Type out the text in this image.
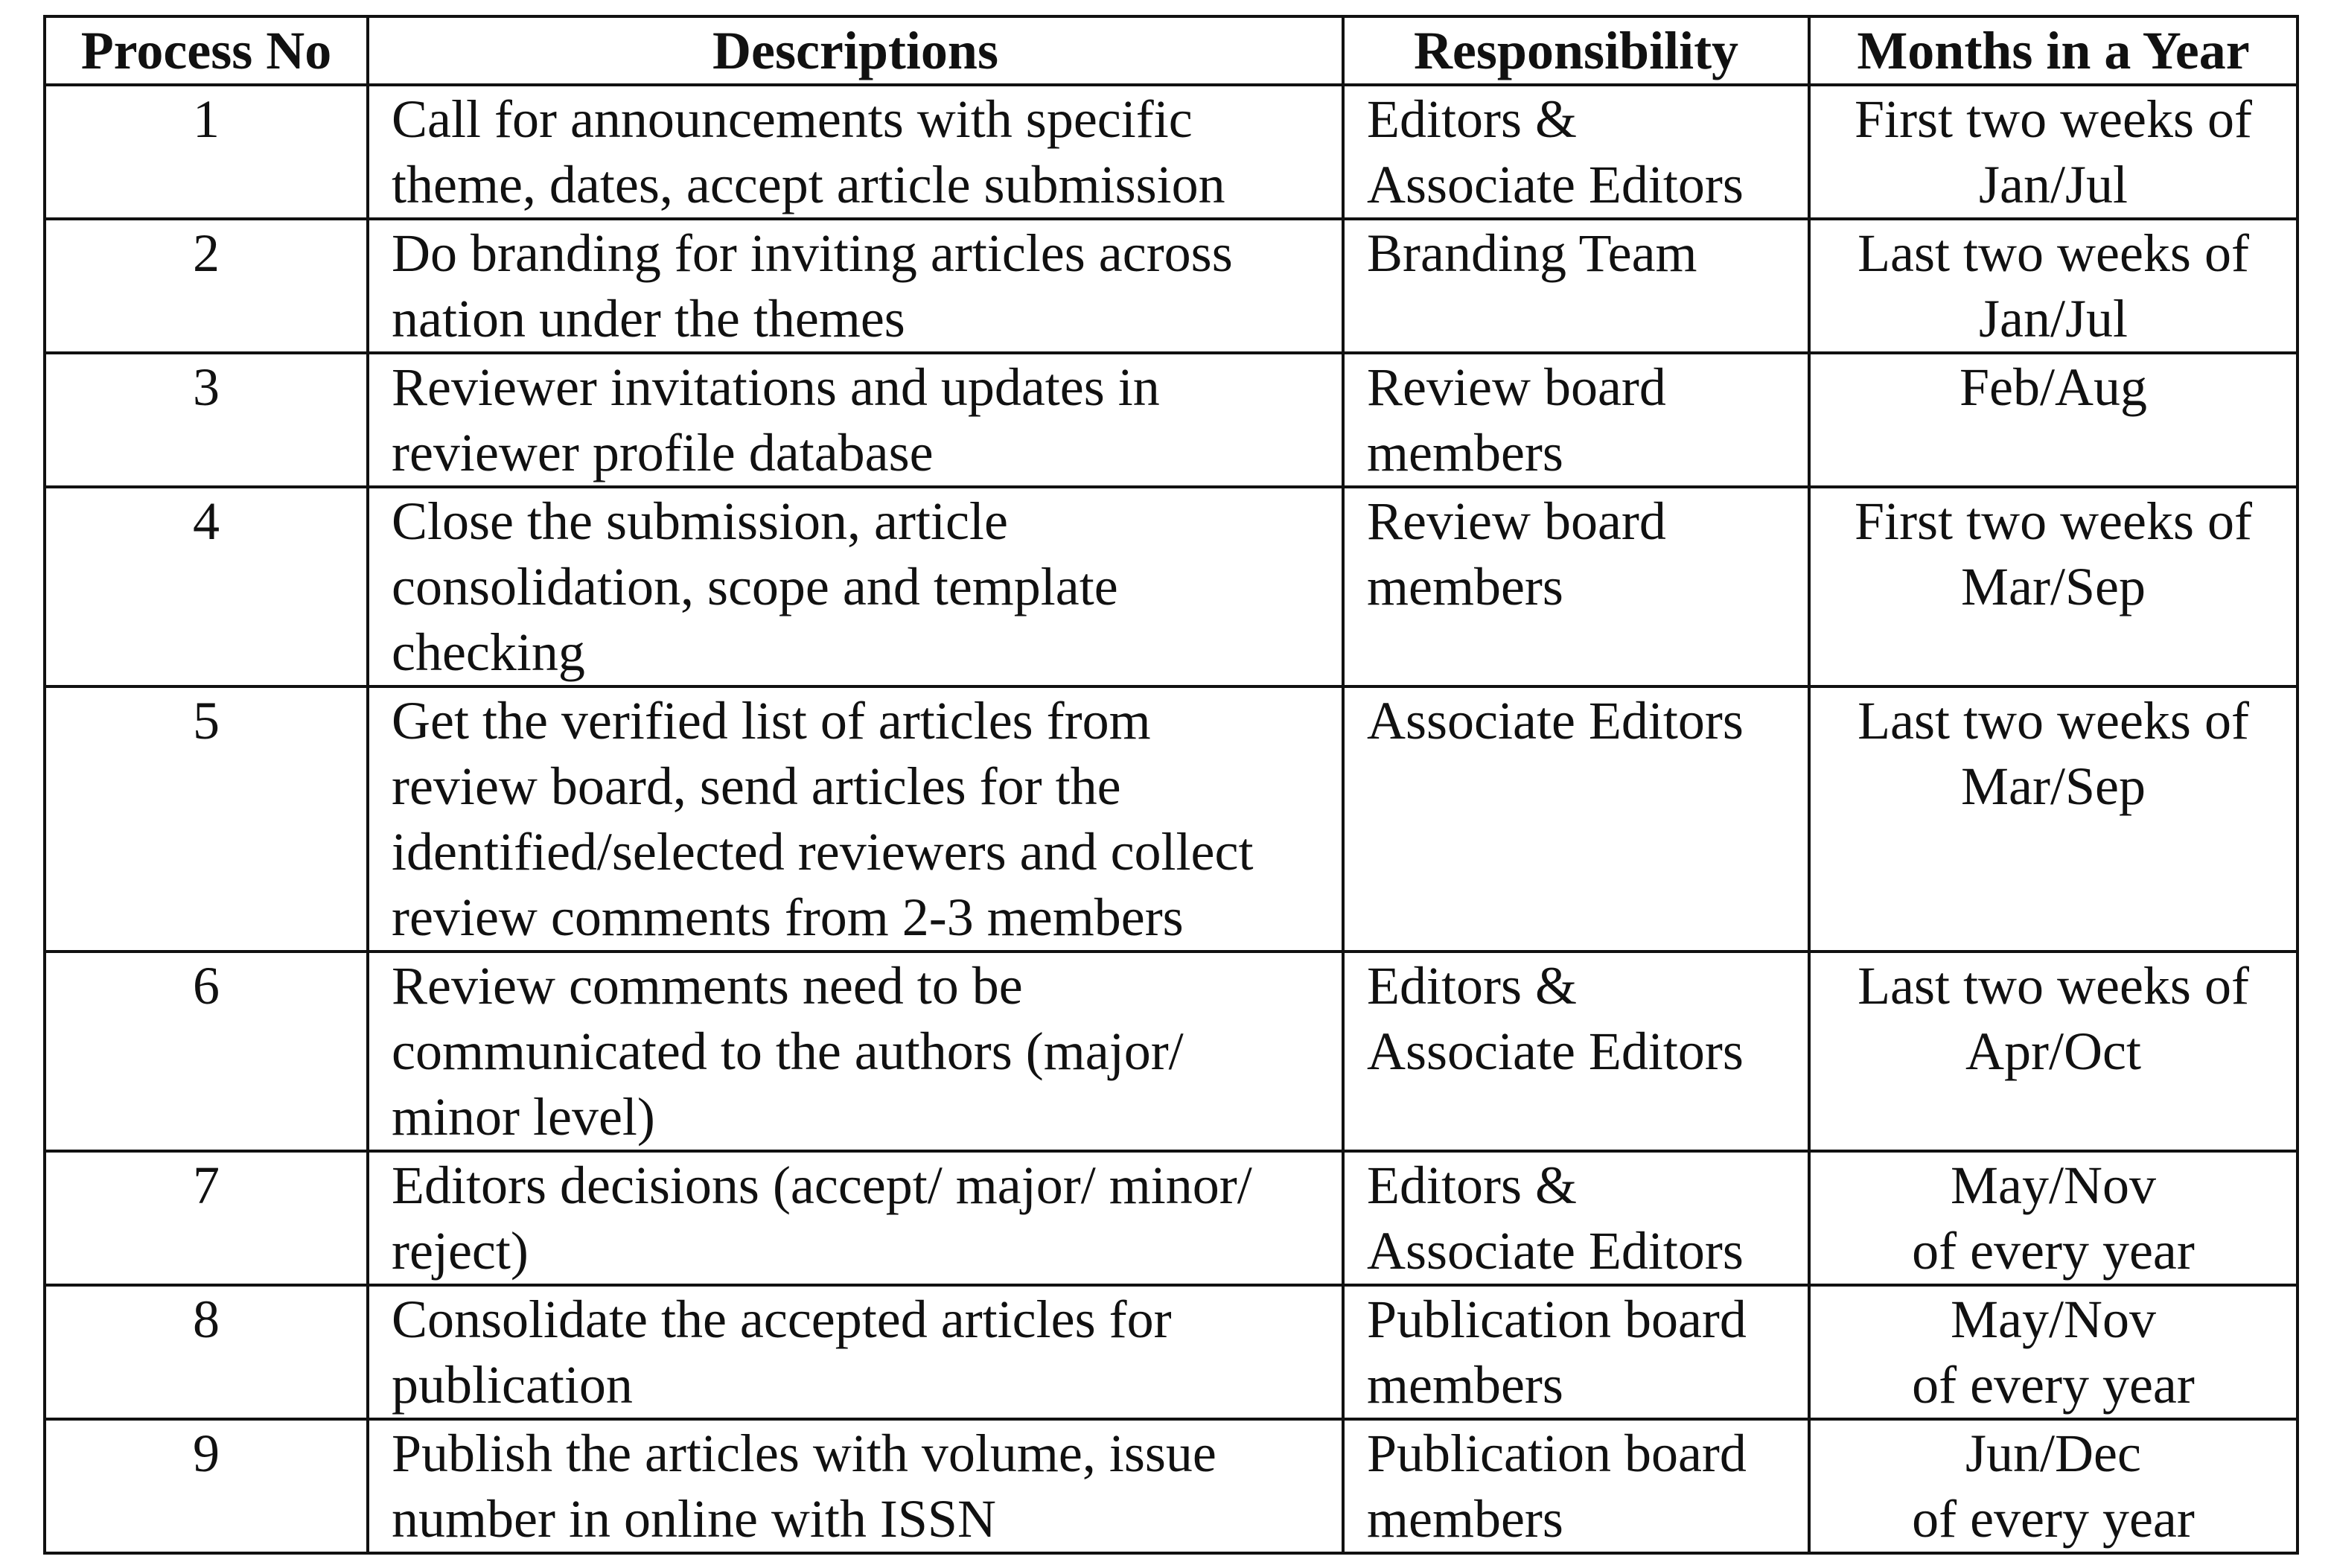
Process No	Descriptions	Responsibility	Months in a Year
1	Call for announcements with specific
theme, dates, accept article submission	Editors &
Associate Editors	First two weeks of
Jan/Jul

2	Do branding for inviting articles across
nation under the themes	Branding Team	Last two weeks of
Jan/Jul

3	Reviewer invitations and updates in
reviewer profile database	Review board
members	Feb/Aug

4	Close the submission, article
consolidation, scope and template
checking	Review board
members	First two weeks of
Mar/Sep

5	Get the verified list of articles from
review board, send articles for the
identified/selected reviewers and collect
review comments from 2-3 members	Associate Editors	Last two weeks of
Mar/Sep

6	Review comments need to be
communicated to the authors (major/
minor level)	Editors &
Associate Editors	Last two weeks of
Apr/Oct

7	Editors decisions (accept/ major/ minor/
reject)	Editors &
Associate Editors	May/Nov
of every year

8	Consolidate the accepted articles for
publication	Publication board
members	May/Nov
of every year

9	Publish the articles with volume, issue
number in online with ISSN	Publication board
members	Jun/Dec
of every year
